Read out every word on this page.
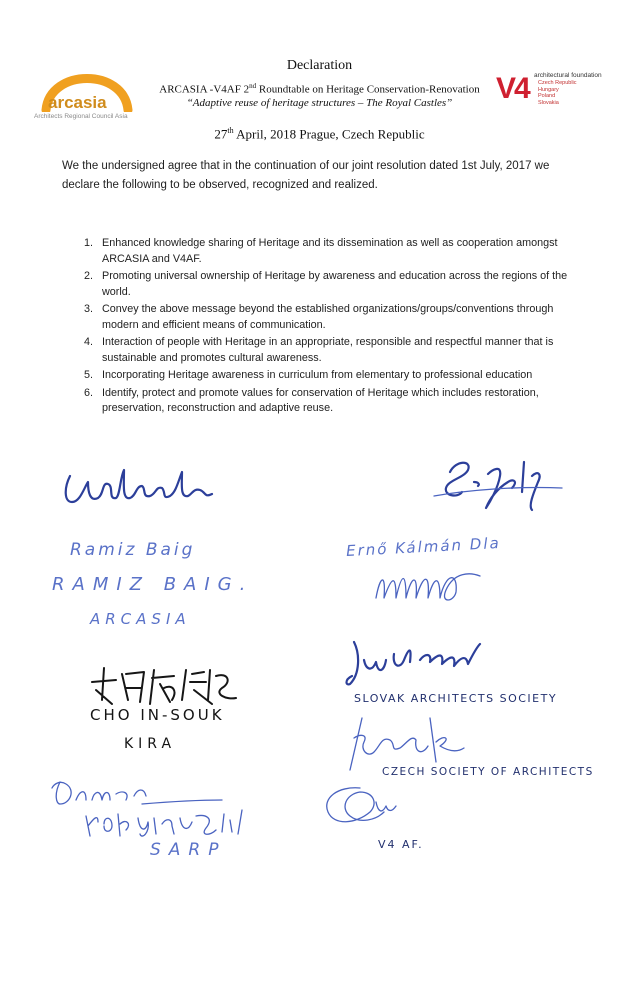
arcasia
Architects Regional Council Asia
V4 architectural foundation
Czech Republic
Hungary
Poland
Slovakia
Declaration
ARCASIA -V4AF 2nd Roundtable on Heritage Conservation-Renovation
“Adaptive reuse of heritage structures – The Royal Castles”
27th April, 2018 Prague, Czech Republic
We the undersigned agree that in the continuation of our joint resolution dated 1st July, 2017 we declare the following to be observed, recognized and realized.
1. Enhanced knowledge sharing of Heritage and its dissemination as well as cooperation amongst ARCASIA and V4AF.
2. Promoting universal ownership of Heritage by awareness and education across the regions of the world.
3. Convey the above message beyond the established organizations/groups/conventions through modern and efficient means of communication.
4. Interaction of people with Heritage in an appropriate, responsible and respectful manner that is sustainable and promotes cultural awareness.
5. Incorporating Heritage awareness in curriculum from elementary to professional education
6. Identify, protect and promote values for conservation of Heritage which includes restoration, preservation, reconstruction and adaptive reuse.
Ramiz Baig
RAMIZ BAIG.
ARCASIA
Ernő Kálmán Dla
CHO IN-SOUK
KIRA
SLOVAK ARCHITECTS SOCIETY
CZECH SOCIETY OF ARCHITECTS
SARP	V4 AF.
